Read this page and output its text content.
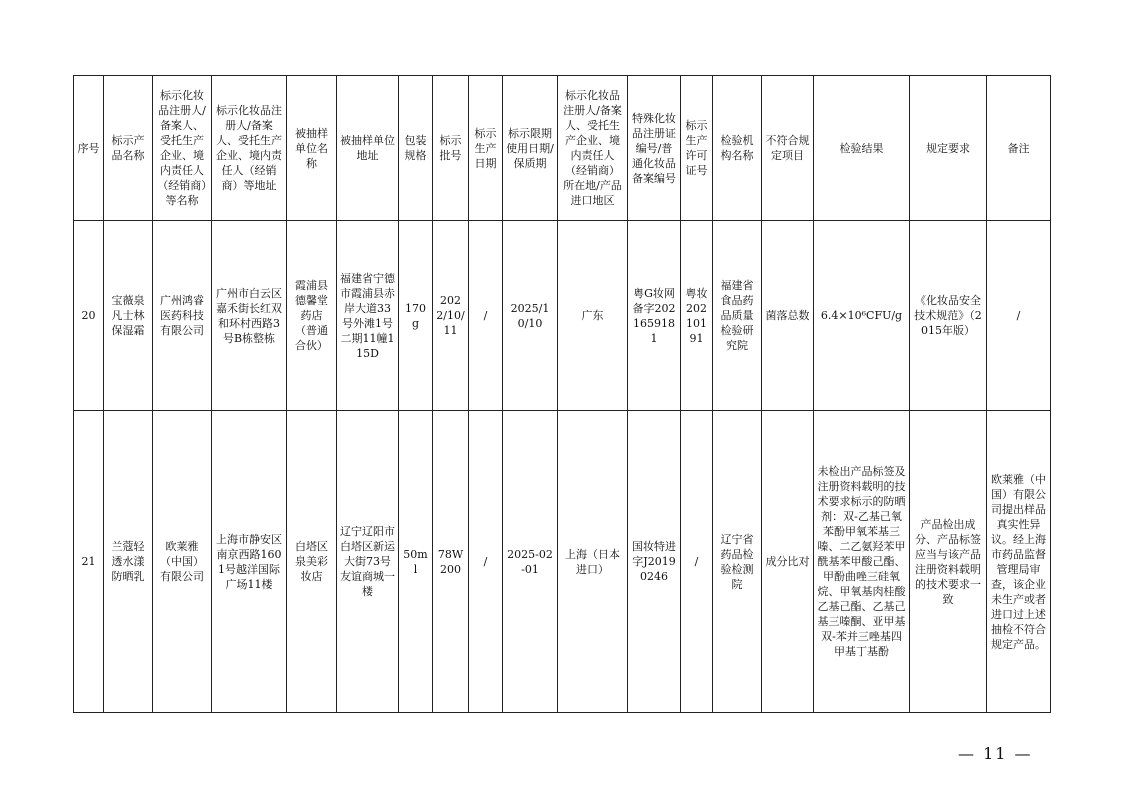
序号	标示产品名称	标示化妆品注册人/备案人、受托生产企业、境内责任人（经销商）等名称	标示化妆品注册人/备案人、受托生产企业、境内责任人（经销商）等地址	被抽样单位名称	被抽样单位地址	包装规格	标示批号	标示生产日期	标示限期使用日期/保质期	标示化妆品注册人/备案人、受托生产企业、境内责任人（经销商）所在地/产品进口地区	特殊化妆品注册证编号/普通化妆品备案编号	标示生产许可证号	检验机构名称	不符合规定项目	检验结果	规定要求	备注
20	宝薇泉凡士林保湿霜	广州鸿睿医药科技有限公司	广州市白云区嘉禾街长红双和环村西路3号B栋整栋	霞浦县德馨堂药店（普通合伙）	福建省宁德市霞浦县赤岸大道33号外滩1号二期11幢115D	170g	2022/10/11	/	2025/10/10	广东	粤G妆网备字2021659181	粤妆20210191	福建省食品药品质量检验研究院	菌落总数	6.4×10⁶CFU/g	《化妆品安全技术规范》（2015年版）	/
21	兰蔻轻透水漾防晒乳	欧莱雅（中国）有限公司	上海市静安区南京西路1601号越洋国际广场11楼	白塔区泉美彩妆店	辽宁辽阳市白塔区新运大街73号友谊商城一楼	50ml	78W200	/	2025-02-01	上海（日本进口）	国妆特进字J20190246	/	辽宁省药品检验检测院	成分比对	未检出产品标签及注册资料载明的技术要求标示的防晒剂：双-乙基己氧苯酚甲氧苯基三嗪、二乙氨羟苯甲酰基苯甲酸己酯、甲酚曲唑三硅氧烷、甲氧基肉桂酸乙基己酯、乙基己基三嗪酮、亚甲基双-苯并三唑基四甲基丁基酚	产品检出成分、产品标签应当与该产品注册资料载明的技术要求一致	欧莱雅（中国）有限公司提出样品真实性异议。经上海市药品监督管理局审查，该企业未生产或者进口过上述抽检不符合规定产品。
— 11 —
